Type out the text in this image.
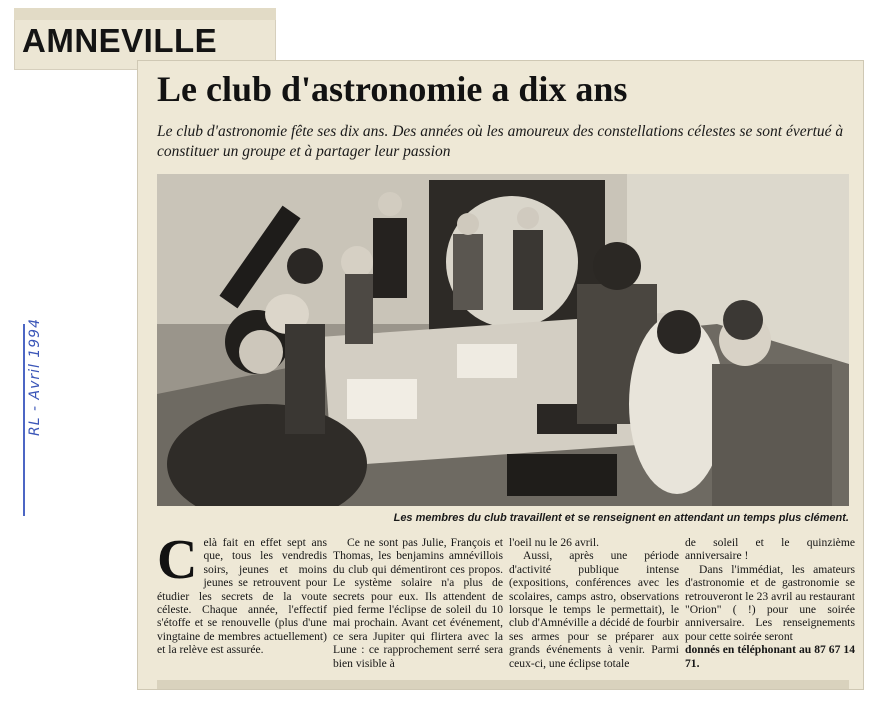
AMNEVILLE
Le club d'astronomie a dix ans
Le club d'astronomie fête ses dix ans. Des années où les amoureux des constellations célestes se sont évertué à constituer un groupe et à partager leur passion
Les membres du club travaillent et se renseignent en attendant un temps plus clément.

Celà fait en effet sept ans que, tous les vendredis soirs, jeunes et moins jeunes se retrouvent pour étudier les secrets de la voute céleste. Chaque année, l'effectif s'étoffe et se renouvelle (plus d'une vingtaine de membres actuellement) et la relève est assurée.

Ce ne sont pas Julie, François et Thomas, les benjamins amnévillois du club qui démentiront ces propos. Le système solaire n'a plus de secrets pour eux. Ils attendent de pied ferme l'éclipse de soleil du 10 mai prochain. Avant cet événement, ce sera Jupiter qui flirtera avec la Lune : ce rapprochement serré sera bien visible à

l'oeil nu le 26 avril.

Aussi, après une période d'activité publique intense (expositions, conférences avec les scolaires, camps astro, observations lorsque le temps le permettait), le club d'Amnéville a décidé de fourbir ses armes pour se préparer aux grands événements à venir. Parmi ceux-ci, une éclipse totale

de soleil et le quinzième anniversaire !

Dans l'immédiat, les amateurs d'astronomie et de gastronomie se retrouveront le 23 avril au restaurant "Orion" ( !) pour une soirée anniversaire. Les renseignements pour cette soirée seront

donnés en téléphonant au 87 67 14 71.

RL - Avril 1994
